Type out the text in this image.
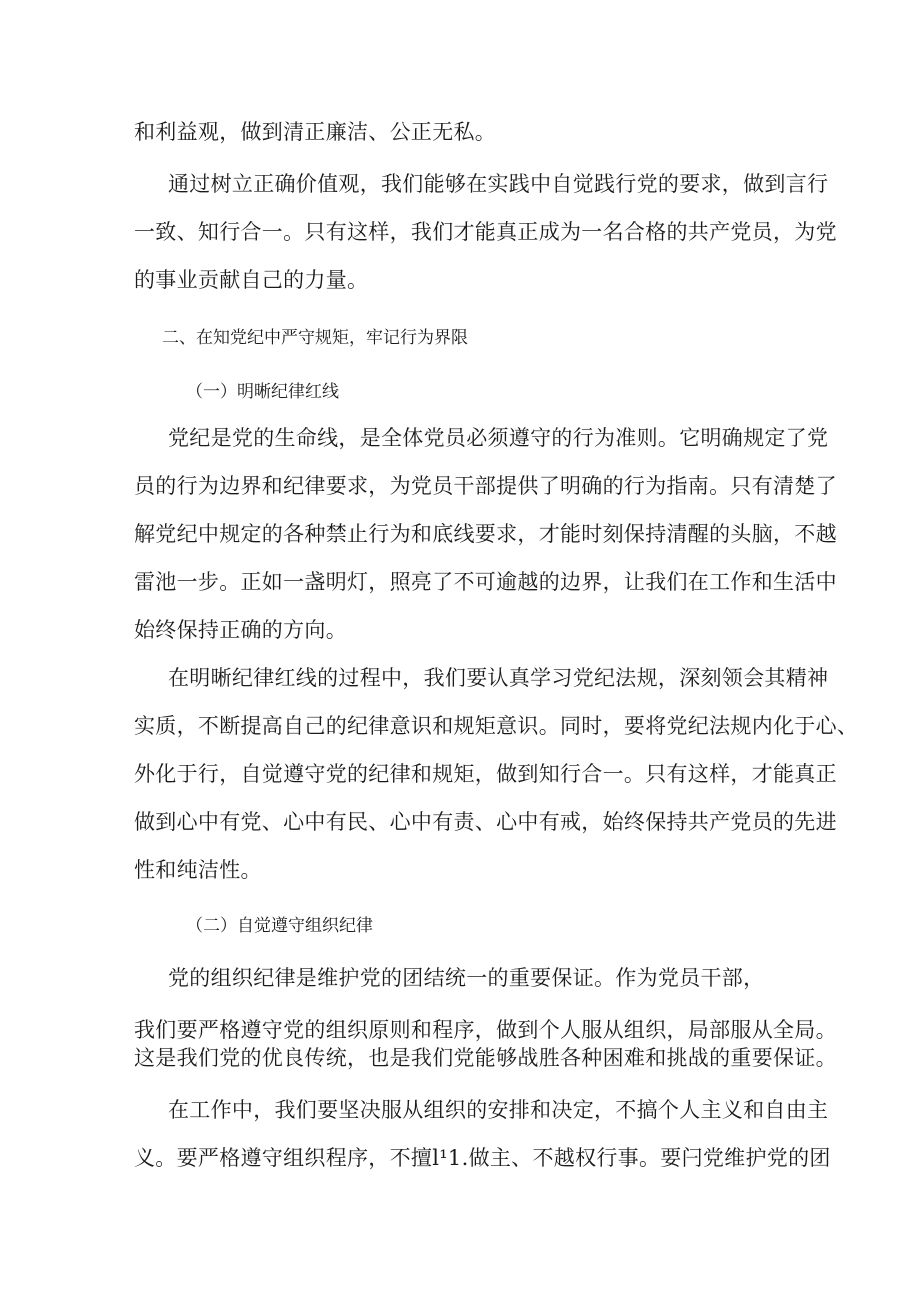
和利益观，做到清正廉洁、公正无私。
通过树立正确价值观，我们能够在实践中自觉践行党的要求，做到言行
一致、知行合一。只有这样，我们才能真正成为一名合格的共产党员，为党
的事业贡献自己的力量。
二、在知党纪中严守规矩，牢记行为界限
（一）明晰纪律红线
党纪是党的生命线，是全体党员必须遵守的行为准则。它明确规定了党
员的行为边界和纪律要求，为党员干部提供了明确的行为指南。只有清楚了
解党纪中规定的各种禁止行为和底线要求，才能时刻保持清醒的头脑，不越
雷池一步。正如一盏明灯，照亮了不可逾越的边界，让我们在工作和生活中
始终保持正确的方向。
在明晰纪律红线的过程中，我们要认真学习党纪法规，深刻领会其精神
实质，不断提高自己的纪律意识和规矩意识。同时，要将党纪法规内化于心、
外化于行，自觉遵守党的纪律和规矩，做到知行合一。只有这样，才能真正
做到心中有党、心中有民、心中有责、心中有戒，始终保持共产党员的先进
性和纯洁性。
（二）自觉遵守组织纪律
党的组织纪律是维护党的团结统一的重要保证。作为党员干部，
我们要严格遵守党的组织原则和程序，做到个人服从组织，局部服从全局。
这是我们党的优良传统，也是我们党能够战胜各种困难和挑战的重要保证。
在工作中，我们要坚决服从组织的安排和决定，不搞个人主义和自由主
义。要严格遵守组织程序，不擅l¹1.做主、不越权行事。要闩党维护党的团
